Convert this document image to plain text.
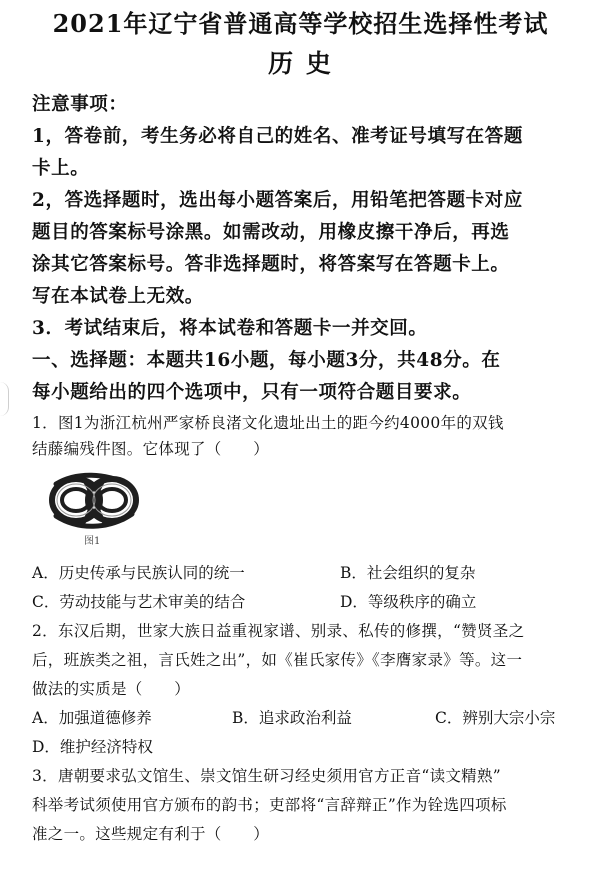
2021年辽宁省普通高等学校招生选择性考试
历 史
注意事项：
1，答卷前，考生务必将自己的姓名、准考证号填写在答题
卡上。
2，答选择题时，选出每小题答案后，用铅笔把答题卡对应
题目的答案标号涂黑。如需改动，用橡皮擦干净后，再选
涂其它答案标号。答非选择题时，将答案写在答题卡上。
写在本试卷上无效。
3．考试结束后，将本试卷和答题卡一并交回。
一、选择题：本题共16小题，每小题3分，共48分。在
每小题给出的四个选项中，只有一项符合题目要求。
1．图1为浙江杭州严家桥良渚文化遗址出土的距今约4000年的双钱
结藤编残件图。它体现了（　　）
图1
A．历史传承与民族认同的统一	B．社会组织的复杂
C．劳动技能与艺术审美的结合	D．等级秩序的确立
2．东汉后期，世家大族日益重视家谱、别录、私传的修撰，“赞贤圣之
后，班族类之祖，言氏姓之出”，如《崔氏家传》《李膺家录》等。这一
做法的实质是（　　）
A．加强道德修养	B．追求政治利益	C．辨别大宗小宗
D．维护经济特权
3．唐朝要求弘文馆生、崇文馆生研习经史须用官方正音“读文精熟”
科举考试须使用官方颁布的韵书；吏部将“言辞辩正”作为铨选四项标
准之一。这些规定有利于（　　）
